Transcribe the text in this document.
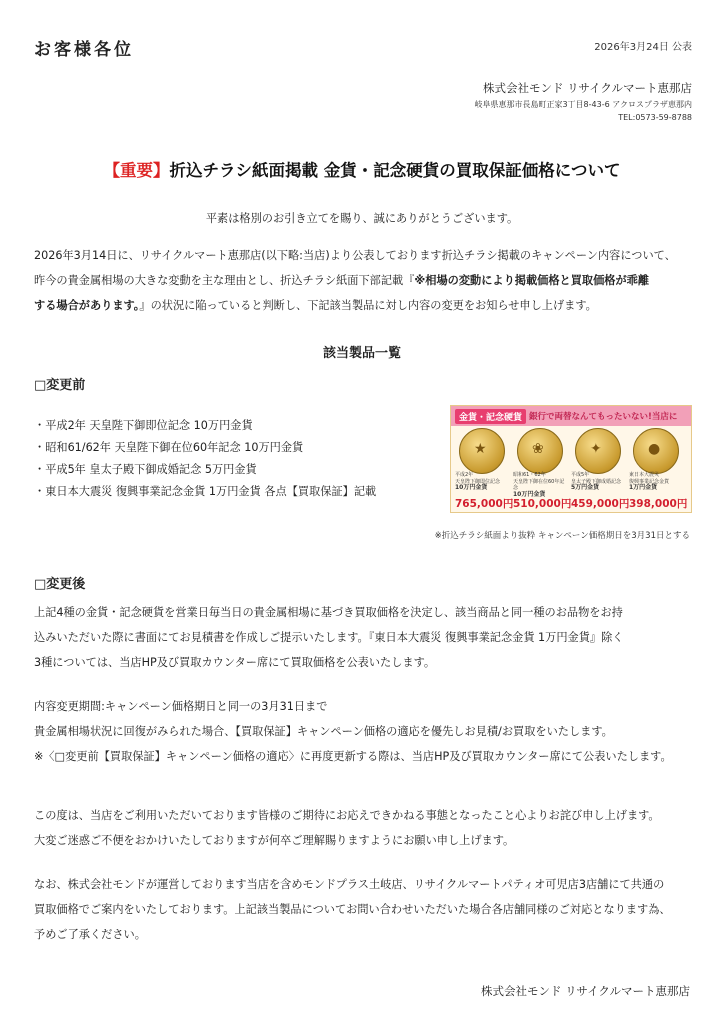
お客様各位	2026年3月24日 公表
株式会社モンド リサイクルマート恵那店
岐阜県恵那市長島町正家3丁目8-43-6 アクロスプラザ恵那内
TEL:0573-59-8788
【重要】折込チラシ紙面掲載 金貨・記念硬貨の買取保証価格について
平素は格別のお引き立てを賜り、誠にありがとうございます。
2026年3月14日に、リサイクルマート恵那店(以下略:当店)より公表しております折込チラシ掲載のキャンペーン内容について、
昨今の貴金属相場の大きな変動を主な理由とし、折込チラシ紙面下部記載『※相場の変動により掲載価格と買取価格が乖離
する場合があります。』の状況に陥っていると判断し、下記該当製品に対し内容の変更をお知らせ申し上げます。
該当製品一覧
□変更前
・平成2年 天皇陛下御即位記念 10万円金貨
・昭和61/62年 天皇陛下御在位60年記念 10万円金貨
・平成5年 皇太子殿下御成婚記念 5万円金貨
・東日本大震災 復興事業記念金貨 1万円金貨 各点【買取保証】記載
金貨・記念硬貨 銀行で両替なんてもったいない!当店に
★
平成2年
天皇陛下御即位記念
10万円金貨
765,000円
❀
昭和61・62年
天皇陛下御在位60年記念
10万円金貨
510,000円
✦
平成5年
皇太子殿下御成婚記念
5万円金貨
459,000円
●
東日本大震災
復興事業記念金貨
1万円金貨
398,000円
※折込チラシ紙面より抜粋 キャンペーン価格期日を3月31日とする
□変更後
上記4種の金貨・記念硬貨を営業日毎当日の貴金属相場に基づき買取価格を決定し、該当商品と同一種のお品物をお持
込みいただいた際に書面にてお見積書を作成しご提示いたします。『東日本大震災 復興事業記念金貨 1万円金貨』除く
3種については、当店HP及び買取カウンター席にて買取価格を公表いたします。
内容変更期間:キャンペーン価格期日と同一の3月31日まで
貴金属相場状況に回復がみられた場合、【買取保証】キャンペーン価格の適応を優先しお見積/お買取をいたします。
※〈□変更前【買取保証】キャンペーン価格の適応〉に再度更新する際は、当店HP及び買取カウンター席にて公表いたします。
この度は、当店をご利用いただいております皆様のご期待にお応えできかねる事態となったこと心よりお詫び申し上げます。
大変ご迷惑ご不便をおかけいたしておりますが何卒ご理解賜りますようにお願い申し上げます。
なお、株式会社モンドが運営しております当店を含めモンドプラス土岐店、リサイクルマートパティオ可児店3店舗にて共通の
買取価格でご案内をいたしております。上記該当製品についてお問い合わせいただいた場合各店舗同様のご対応となります為、
予めご了承ください。
株式会社モンド リサイクルマート恵那店
